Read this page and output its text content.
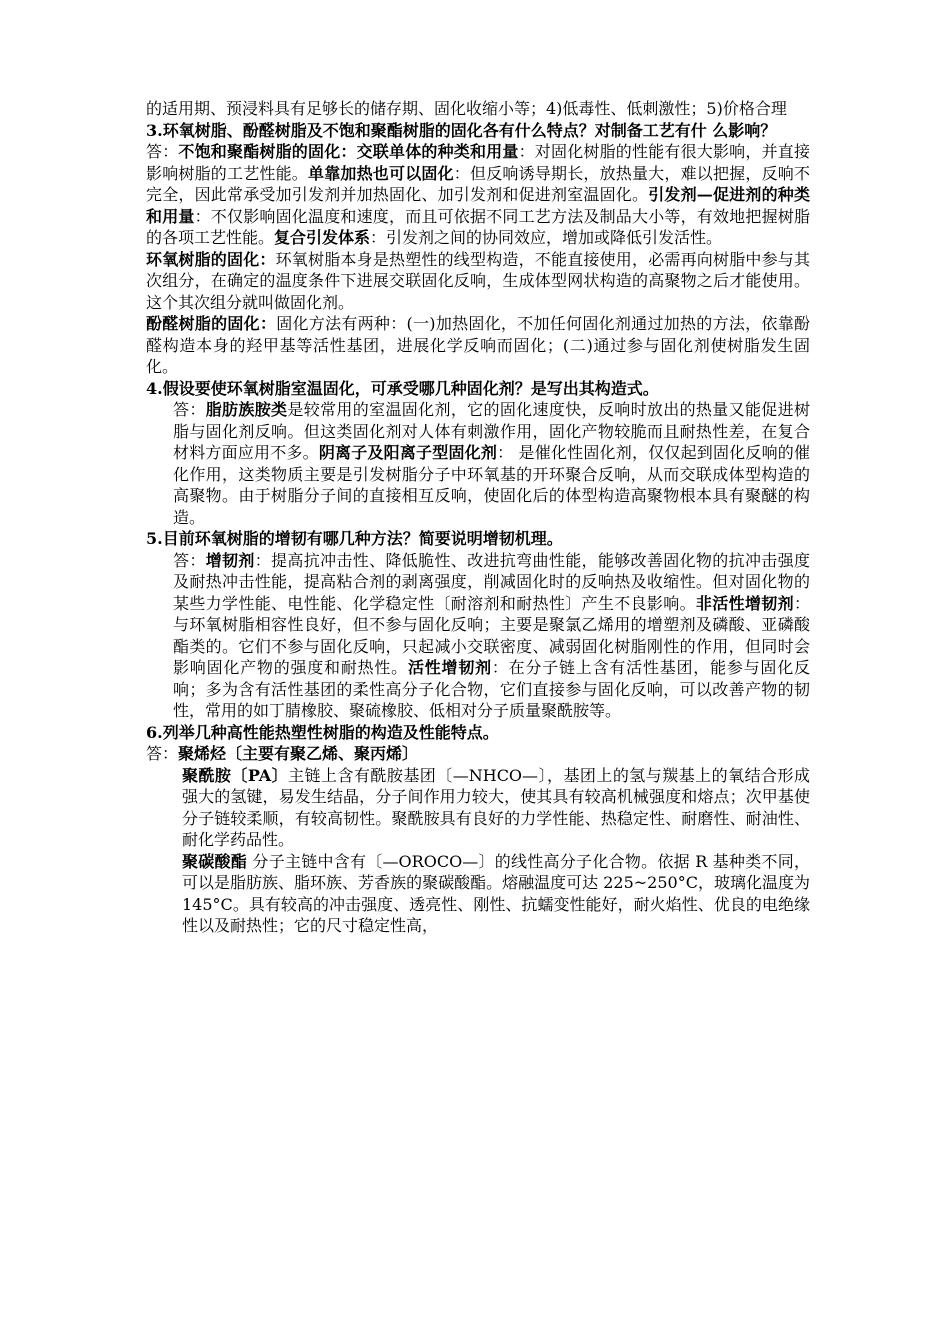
的适用期、预浸料具有足够长的储存期、固化收缩小等；4)低毒性、低刺激性；5)价格合理

3.环氧树脂、酚醛树脂及不饱和聚酯树脂的固化各有什么特点？对制备工艺有什 么影响？

答：不饱和聚酯树脂的固化：交联单体的种类和用量：对固化树脂的性能有很大影响，并直接影响树脂的工艺性能。单靠加热也可以固化：但反响诱导期长，放热量大，难以把握，反响不完全，因此常承受加引发剂并加热固化、加引发剂和促进剂室温固化。引发剂—促进剂的种类和用量：不仅影响固化温度和速度，而且可依据不同工艺方法及制品大小等，有效地把握树脂的各项工艺性能。复合引发体系：引发剂之间的协同效应，增加或降低引发活性。

环氧树脂的固化：环氧树脂本身是热塑性的线型构造，不能直接使用，必需再向树脂中参与其次组分，在确定的温度条件下进展交联固化反响，生成体型网状构造的高聚物之后才能使用。这个其次组分就叫做固化剂。

酚醛树脂的固化：固化方法有两种：(一)加热固化，不加任何固化剂通过加热的方法，依靠酚醛构造本身的羟甲基等活性基团，进展化学反响而固化；(二)通过参与固化剂使树脂发生固化。

4.假设要使环氧树脂室温固化，可承受哪几种固化剂？是写出其构造式。

答：脂肪族胺类是较常用的室温固化剂，它的固化速度快，反响时放出的热量又能促进树脂与固化剂反响。但这类固化剂对人体有刺激作用，固化产物较脆而且耐热性差，在复合材料方面应用不多。阴离子及阳离子型固化剂： 是催化性固化剂，仅仅起到固化反响的催化作用，这类物质主要是引发树脂分子中环氧基的开环聚合反响，从而交联成体型构造的高聚物。由于树脂分子间的直接相互反响，使固化后的体型构造高聚物根本具有聚醚的构造。

5.目前环氧树脂的增韧有哪几种方法？简要说明增韧机理。

答：增韧剂：提高抗冲击性、降低脆性、改进抗弯曲性能，能够改善固化物的抗冲击强度及耐热冲击性能，提高粘合剂的剥离强度，削减固化时的反响热及收缩性。但对固化物的某些力学性能、电性能、化学稳定性〔耐溶剂和耐热性〕产生不良影响。非活性增韧剂：与环氧树脂相容性良好，但不参与固化反响；主要是聚氯乙烯用的增塑剂及磷酸、亚磷酸酯类的。它们不参与固化反响，只起减小交联密度、减弱固化树脂刚性的作用，但同时会影响固化产物的强度和耐热性。活性增韧剂：在分子链上含有活性基团，能参与固化反响；多为含有活性基团的柔性高分子化合物，它们直接参与固化反响，可以改善产物的韧性，常用的如丁腈橡胶、聚硫橡胶、低相对分子质量聚酰胺等。

6.列举几种高性能热塑性树脂的构造及性能特点。

答：聚烯烃〔主要有聚乙烯、聚丙烯〕

聚酰胺〔PA〕主链上含有酰胺基团〔—NHCO—〕，基团上的氢与羰基上的氧结合形成强大的氢键，易发生结晶，分子间作用力较大，使其具有较高机械强度和熔点；次甲基使分子链较柔顺，有较高韧性。聚酰胺具有良好的力学性能、热稳定性、耐磨性、耐油性、耐化学药品性。

聚碳酸酯 分子主链中含有〔—OROCO—〕的线性高分子化合物。依据 R 基种类不同，可以是脂肪族、脂环族、芳香族的聚碳酸酯。熔融温度可达 225~250°C，玻璃化温度为 145°C。具有较高的冲击强度、透亮性、刚性、抗蠕变性能好，耐火焰性、优良的电绝缘性以及耐热性；它的尺寸稳定性高，
